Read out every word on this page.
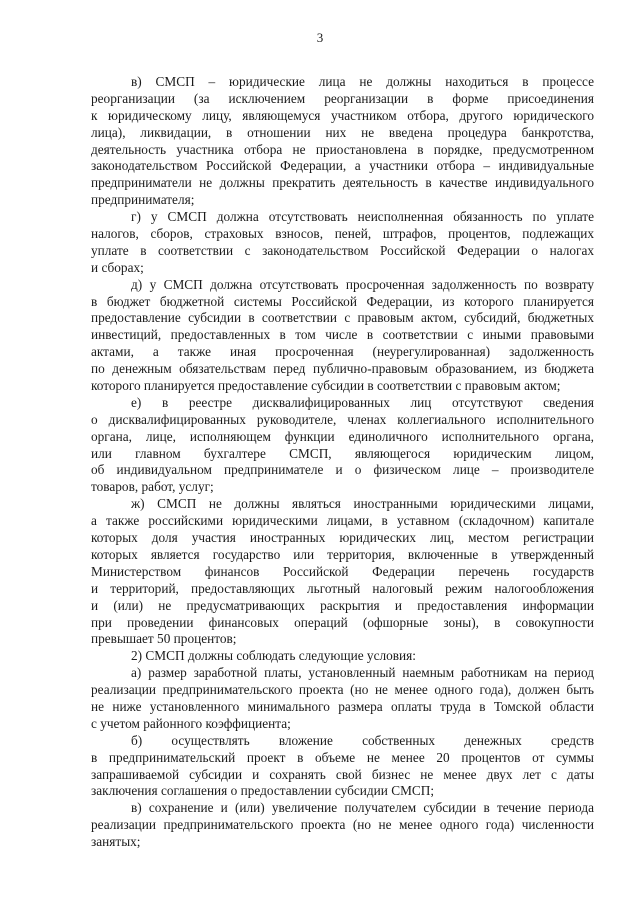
3
в) СМСП – юридические лица не должны находиться в процессе
реорганизации (за исключением реорганизации в форме присоединения
к юридическому лицу, являющемуся участником отбора, другого юридического
лица), ликвидации, в отношении них не введена процедура банкротства,
деятельность участника отбора не приостановлена в порядке, предусмотренном
законодательством Российской Федерации, а участники отбора – индивидуальные
предприниматели не должны прекратить деятельность в качестве индивидуального
предпринимателя;
г) у СМСП должна отсутствовать неисполненная обязанность по уплате
налогов, сборов, страховых взносов, пеней, штрафов, процентов, подлежащих
уплате в соответствии с законодательством Российской Федерации о налогах
и сборах;
д) у СМСП должна отсутствовать просроченная задолженность по возврату
в бюджет бюджетной системы Российской Федерации, из которого планируется
предоставление субсидии в соответствии с правовым актом, субсидий, бюджетных
инвестиций, предоставленных в том числе в соответствии с иными правовыми
актами, а также иная просроченная (неурегулированная) задолженность
по денежным обязательствам перед публично-правовым образованием, из бюджета
которого планируется предоставление субсидии в соответствии с правовым актом;
е) в реестре дисквалифицированных лиц отсутствуют сведения
о дисквалифицированных руководителе, членах коллегиального исполнительного
органа, лице, исполняющем функции единоличного исполнительного органа,
или главном бухгалтере СМСП, являющегося юридическим лицом,
об индивидуальном предпринимателе и о физическом лице – производителе
товаров, работ, услуг;
ж) СМСП не должны являться иностранными юридическими лицами,
а также российскими юридическими лицами, в уставном (складочном) капитале
которых доля участия иностранных юридических лиц, местом регистрации
которых является государство или территория, включенные в утвержденный
Министерством финансов Российской Федерации перечень государств
и территорий, предоставляющих льготный налоговый режим налогообложения
и (или) не предусматривающих раскрытия и предоставления информации
при проведении финансовых операций (офшорные зоны), в совокупности
превышает 50 процентов;
2) СМСП должны соблюдать следующие условия:
а) размер заработной платы, установленный наемным работникам на период
реализации предпринимательского проекта (но не менее одного года), должен быть
не ниже установленного минимального размера оплаты труда в Томской области
с учетом районного коэффициента;
б) осуществлять вложение собственных денежных средств
в предпринимательский проект в объеме не менее 20 процентов от суммы
запрашиваемой субсидии и сохранять свой бизнес не менее двух лет с даты
заключения соглашения о предоставлении субсидии СМСП;
в) сохранение и (или) увеличение получателем субсидии в течение периода
реализации предпринимательского проекта (но не менее одного года) численности
занятых;
